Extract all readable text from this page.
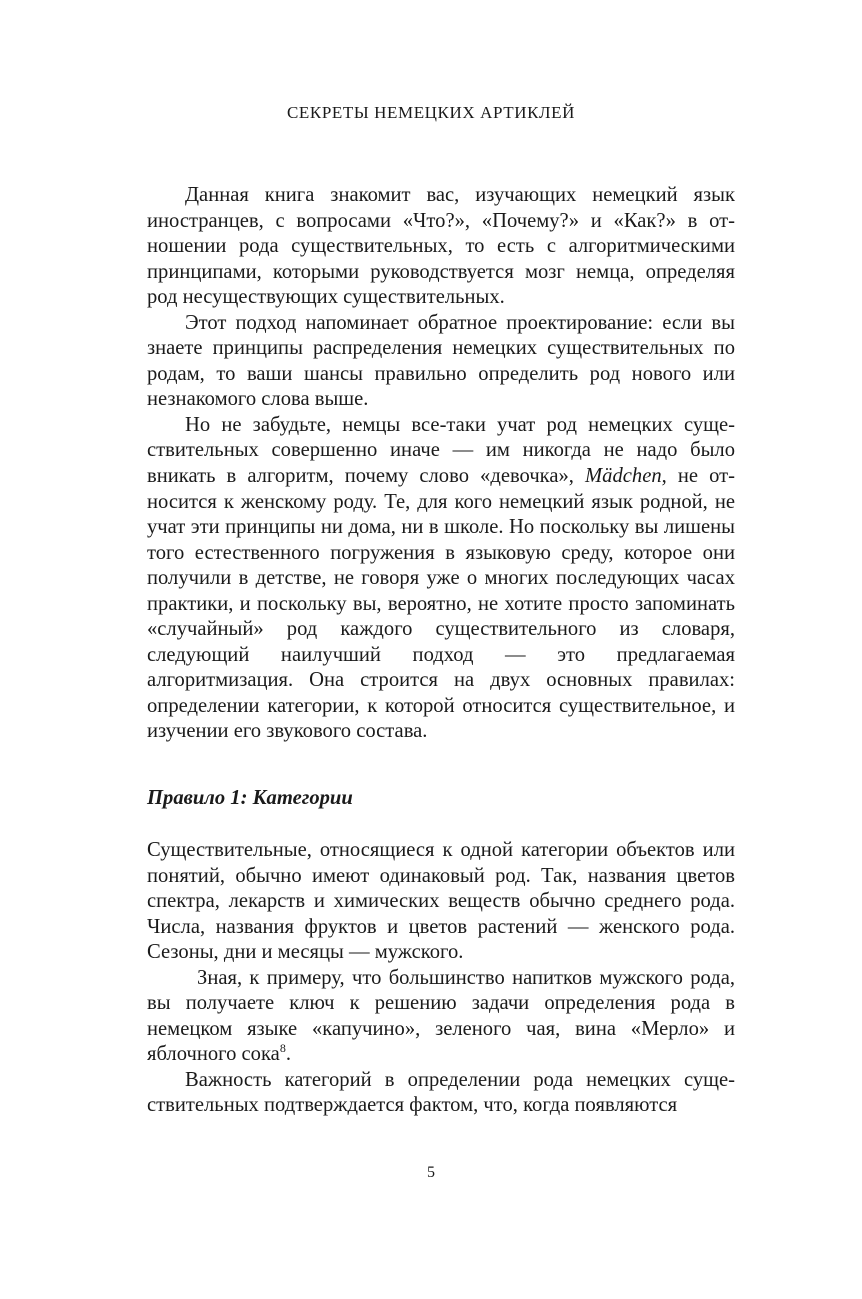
СЕКРЕТЫ НЕМЕЦКИХ АРТИКЛЕЙ

Данная книга знакомит вас, изучающих немецкий язык иностранцев, с вопросами «Что?», «Почему?» и «Как?» в отношении рода существительных, то есть с алгоритмическими принципами, которыми руководствуется мозг немца, определяя род несуществующих существительных.

Этот подход напоминает обратное проектирование: если вы знаете принципы распределения немецких существительных по родам, то ваши шансы правильно определить род нового или незнакомого слова выше.

Но не забудьте, немцы все-таки учат род немецких существительных совершенно иначе — им никогда не надо было вникать в алгоритм, почему слово «девочка», Mädchen, не относится к женскому роду. Те, для кого немецкий язык родной, не учат эти принципы ни дома, ни в школе. Но поскольку вы лишены того естественного погружения в языковую среду, которое они получили в детстве, не говоря уже о многих последующих часах практики, и поскольку вы, вероятно, не хотите просто запоминать «случайный» род каждого существительного из словаря, следующий наилучший подход — это предлагаемая алгоритмизация. Она строится на двух основных правилах: определении категории, к которой относится существительное, и изучении его звукового состава.

Правило 1: Категории

Существительные, относящиеся к одной категории объектов или понятий, обычно имеют одинаковый род. Так, названия цветов спектра, лекарств и химических веществ обычно среднего рода. Числа, названия фруктов и цветов растений — женского рода. Сезоны, дни и месяцы — мужского.

Зная, к примеру, что большинство напитков мужского рода, вы получаете ключ к решению задачи определения рода в немецком языке «капучино», зеленого чая, вина «Мерло» и яблочного сока$^8$.

Важность категорий в определении рода немецких существительных подтверждается фактом, что, когда появляются

5
